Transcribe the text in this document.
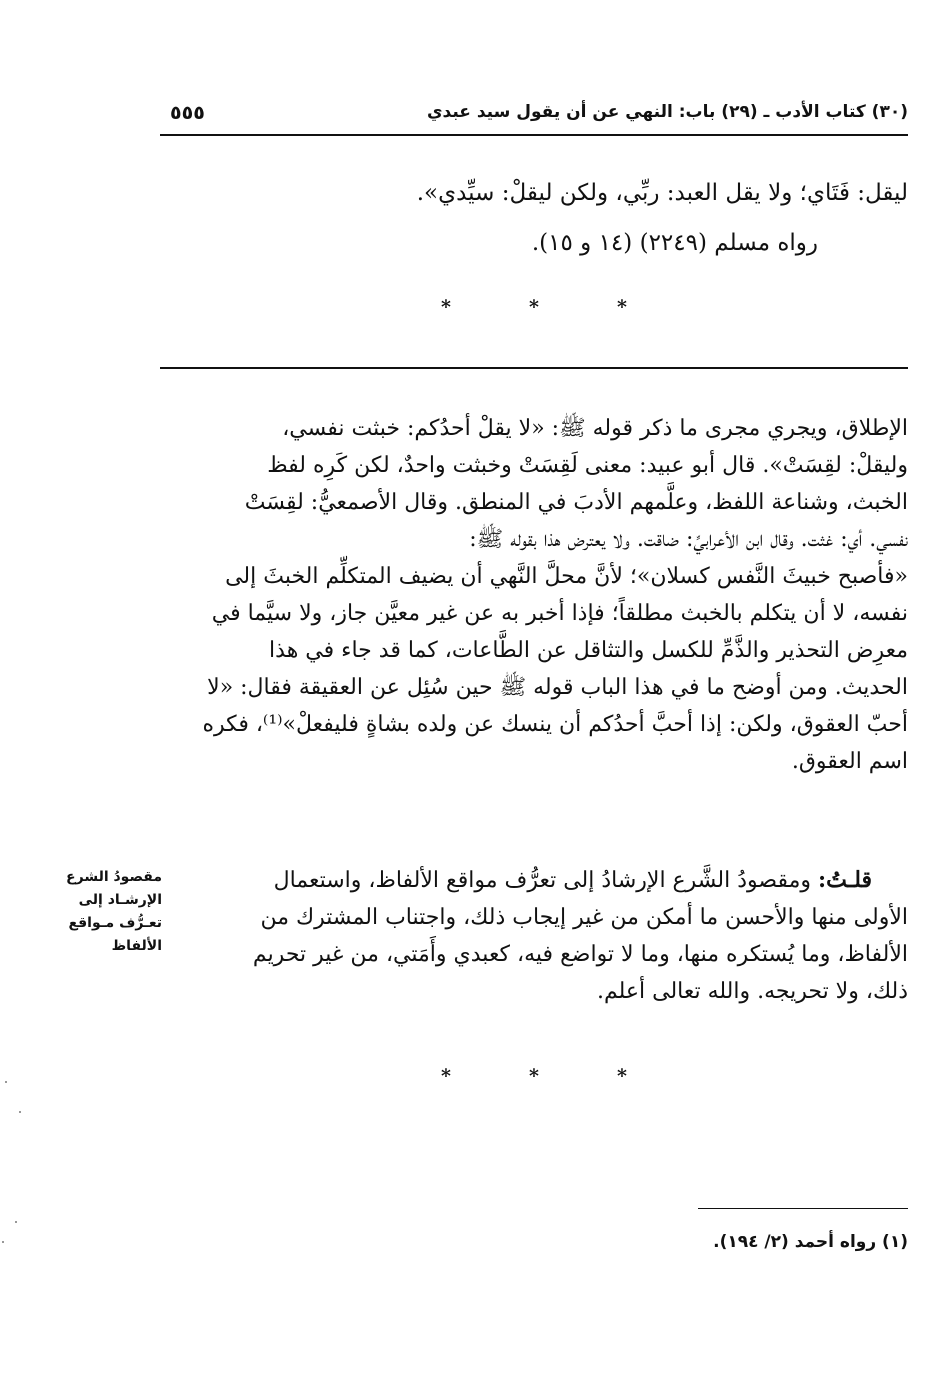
(٣٠) كتاب الأدب ـ (٢٩) باب: النهي عن أن يقول سيد عبدي
٥٥٥
ليقل: فَتَاي؛ ولا يقل العبد: ربِّي، ولكن ليقلْ: سيِّدي».
رواه مسلم (٢٢٤٩) (١٤ و ١٥).
*	*	*
الإطلاق، ويجري مجرى ما ذكر قوله ﷺ: «لا يقلْ أحدُكم: خبثت نفسي،
وليقلْ: لقِسَتْ». قال أبو عبيد: معنى لَقِسَتْ وخبثت واحدٌ، لكن كَرِه لفظ
الخبث، وشناعة اللفظ، وعلَّمهم الأدبَ في المنطق. وقال الأصمعيُّ: لقِسَتْ
نفسي. أي: غثت. وقال ابن الأعرابيِّ: ضاقت. ولا يعترض هذا بقوله ﷺ:
«فأصبح خبيثَ النَّفس كسلان»؛ لأنَّ محلَّ النَّهي أن يضيف المتكلِّم الخبثَ إلى
نفسه، لا أن يتكلم بالخبث مطلقاً؛ فإذا أخبر به عن غير معيَّن جاز، ولا سيَّما في
معرِض التحذير والذَّمِّ للكسل والتثاقل عن الطَّاعات، كما قد جاء في هذا
الحديث. ومن أوضح ما في هذا الباب قوله ﷺ حين سُئِل عن العقيقة فقال: «لا
أحبّ العقوق، ولكن: إذا أحبَّ أحدُكم أن ينسك عن ولده بشاةٍ فليفعلْ»⁽¹⁾، فكره
اسم العقوق.
قلـتُ: ومقصودُ الشَّرع الإرشادُ إلى تعرُّف مواقع الألفاظ، واستعمال
الأولى منها والأحسن ما أمكن من غير إيجاب ذلك، واجتناب المشترك من
الألفاظ، وما يُستكره منها، وما لا تواضع فيه، كعبدي وأَمَتي، من غير تحريم
ذلك، ولا تحريجه. والله تعالى أعلم.
مقصودُ الشرع
الإرشـاد إلى
تعـرُّف مـواقع
الألفاظ
*	*	*
(١) رواه أحمد (٢/ ١٩٤).
